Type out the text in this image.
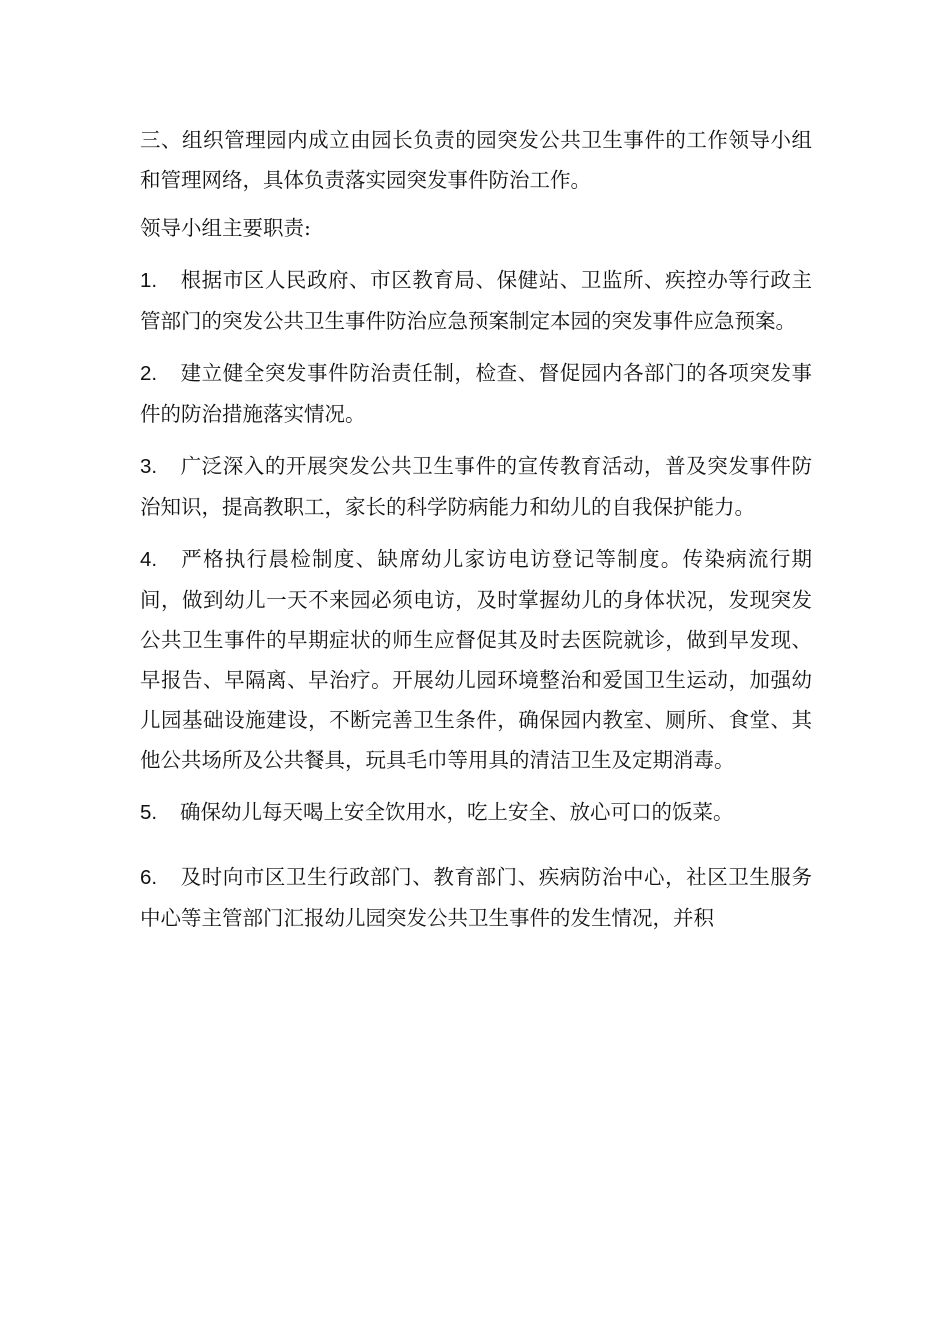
三、组织管理园内成立由园长负责的园突发公共卫生事件的工作领导小组和管理网络，具体负责落实园突发事件防治工作。

领导小组主要职责:

1. 根据市区人民政府、市区教育局、保健站、卫监所、疾控办等行政主管部门的突发公共卫生事件防治应急预案制定本园的突发事件应急预案。

2. 建立健全突发事件防治责任制，检查、督促园内各部门的各项突发事件的防治措施落实情况。

3. 广泛深入的开展突发公共卫生事件的宣传教育活动，普及突发事件防治知识，提高教职工，家长的科学防病能力和幼儿的自我保护能力。

4. 严格执行晨检制度、缺席幼儿家访电访登记等制度。传染病流行期间，做到幼儿一天不来园必须电访，及时掌握幼儿的身体状况，发现突发公共卫生事件的早期症状的师生应督促其及时去医院就诊，做到早发现、早报告、早隔离、早治疗。开展幼儿园环境整治和爱国卫生运动，加强幼儿园基础设施建设，不断完善卫生条件，确保园内教室、厕所、食堂、其他公共场所及公共餐具，玩具毛巾等用具的清洁卫生及定期消毒。

5. 确保幼儿每天喝上安全饮用水，吃上安全、放心可口的饭菜。

6. 及时向市区卫生行政部门、教育部门、疾病防治中心，社区卫生服务中心等主管部门汇报幼儿园突发公共卫生事件的发生情况，并积
